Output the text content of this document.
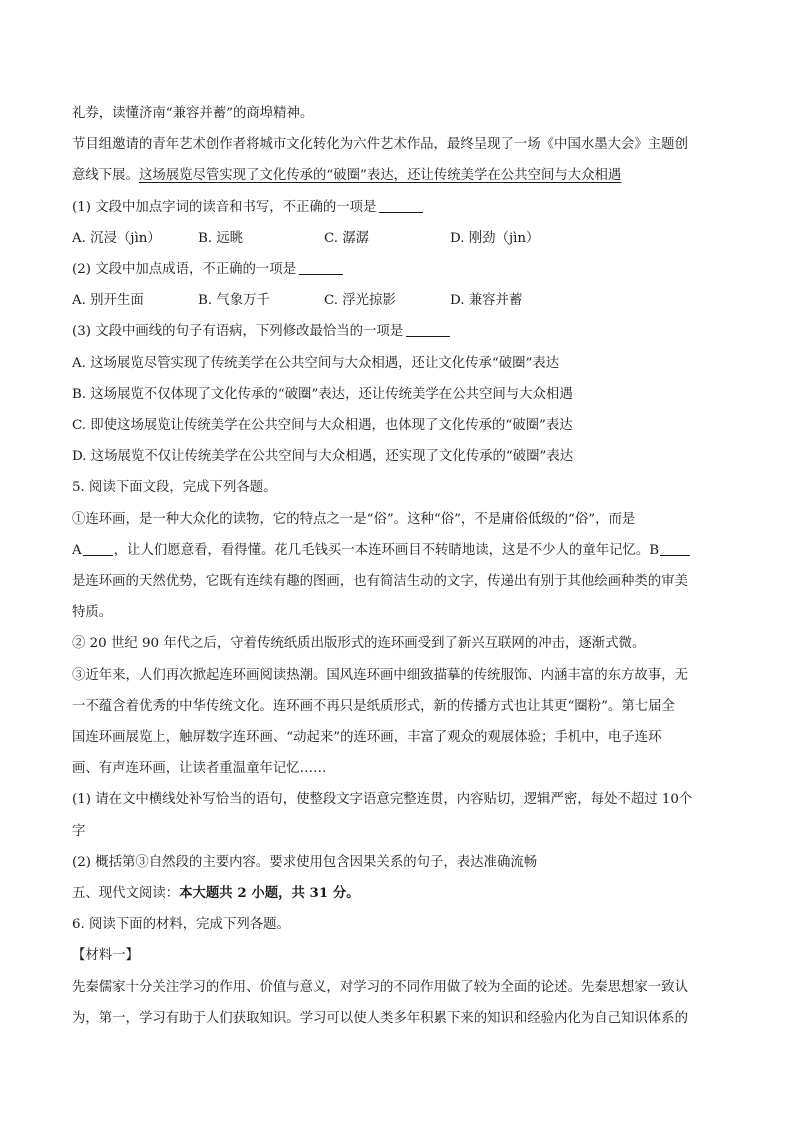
礼券，读懂济南“兼容并蓄”的商埠精神。
节目组邀请的青年艺术创作者将城市文化转化为六件艺术作品，最终呈现了一场《中国水墨大会》主题创
意线下展。这场展览尽管实现了文化传承的“破圈”表达，还让传统美学在公共空间与大众相遇
(1) 文段中加点字词的读音和书写，不正确的一项是
A. 沉浸（jìn）	B. 远眺	C. 潺潺	D. 刚劲（jìn）
(2) 文段中加点成语，不正确的一项是
A. 别开生面	B. 气象万千	C. 浮光掠影	D. 兼容并蓄
(3) 文段中画线的句子有语病，下列修改最恰当的一项是
A. 这场展览尽管实现了传统美学在公共空间与大众相遇，还让文化传承“破圈”表达
B. 这场展览不仅体现了文化传承的“破圈”表达，还让传统美学在公共空间与大众相遇
C. 即使这场展览让传统美学在公共空间与大众相遇，也体现了文化传承的“破圈”表达
D. 这场展览不仅让传统美学在公共空间与大众相遇，还实现了文化传承的“破圈”表达
5. 阅读下面文段，完成下列各题。
①连环画，是一种大众化的读物，它的特点之一是“俗”。这种“俗”，不是庸俗低级的“俗”，而是
A ，让人们愿意看，看得懂。花几毛钱买一本连环画目不转睛地读，这是不少人的童年记忆。B
是连环画的天然优势，它既有连续有趣的图画，也有简洁生动的文字，传递出有别于其他绘画种类的审美
特质。
② 20 世纪 90 年代之后，守着传统纸质出版形式的连环画受到了新兴互联网的冲击，逐渐式微。
③近年来，人们再次掀起连环画阅读热潮。国风连环画中细致描摹的传统服饰、内涵丰富的东方故事，无
一不蕴含着优秀的中华传统文化。连环画不再只是纸质形式，新的传播方式也让其更“圈粉”。第七届全
国连环画展览上，触屏数字连环画、“动起来”的连环画，丰富了观众的观展体验；手机中，电子连环
画、有声连环画，让读者重温童年记忆……
(1) 请在文中横线处补写恰当的语句，使整段文字语意完整连贯，内容贴切，逻辑严密，每处不超过 10个
字
(2) 概括第③自然段的主要内容。要求使用包含因果关系的句子，表达准确流畅
五、现代文阅读：本大题共 2 小题，共 31 分。
6. 阅读下面的材料，完成下列各题。
【材料一】
先秦儒家十分关注学习的作用、价值与意义，对学习的不同作用做了较为全面的论述。先秦思想家一致认
为，第一，学习有助于人们获取知识。学习可以使人类多年积累下来的知识和经验内化为自己知识体系的
